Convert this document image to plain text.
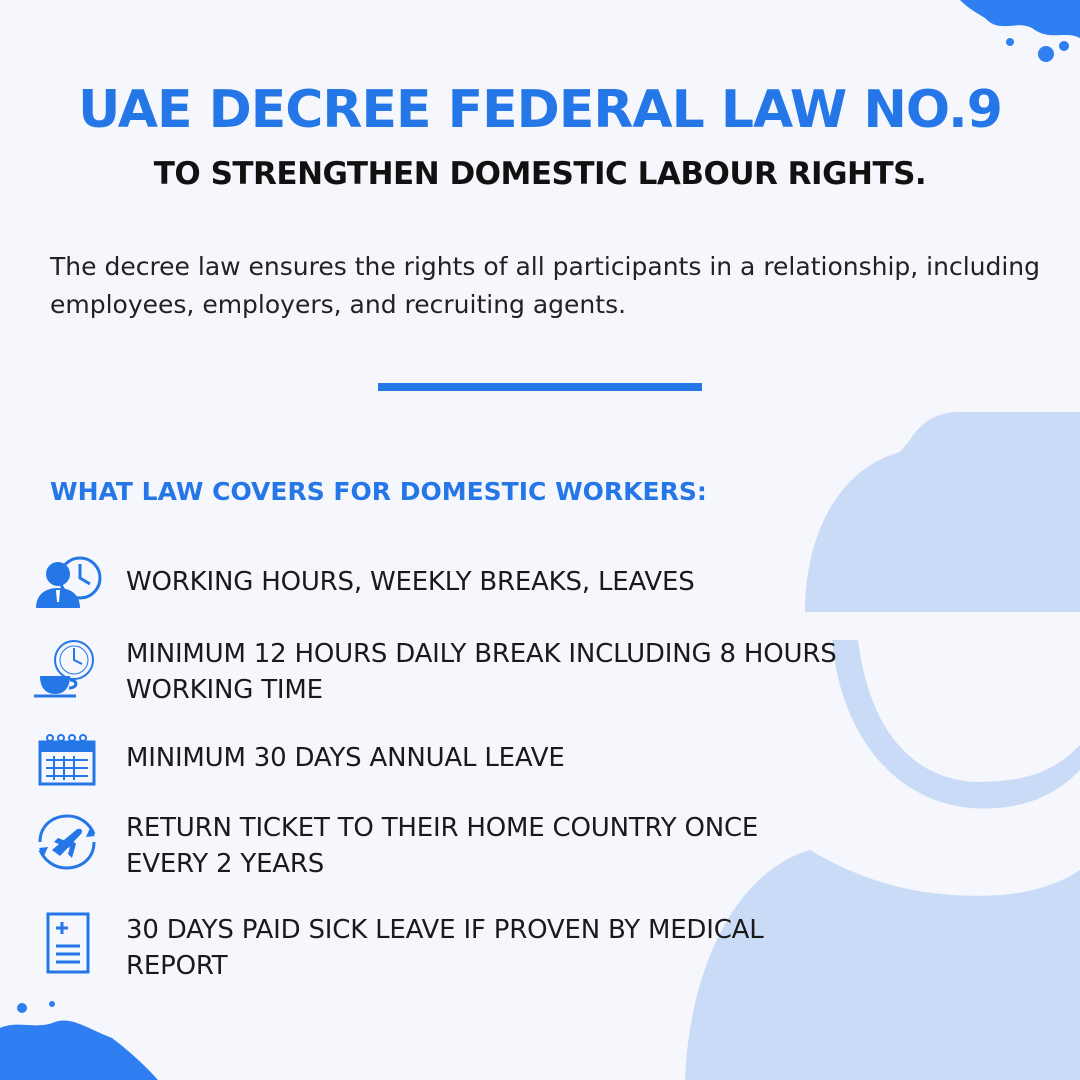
UAE DECREE FEDERAL LAW NO.9
TO STRENGTHEN DOMESTIC LABOUR RIGHTS.

The decree law ensures the rights of all participants in a relationship, including employees, employers, and recruiting agents.

WHAT LAW COVERS FOR DOMESTIC WORKERS:
WORKING HOURS, WEEKLY BREAKS, LEAVES
MINIMUM 12 HOURS DAILY BREAK INCLUDING 8 HOURS WORKING TIME
MINIMUM 30 DAYS ANNUAL LEAVE
RETURN TICKET TO THEIR HOME COUNTRY ONCE EVERY 2 YEARS
30 DAYS PAID SICK LEAVE IF PROVEN BY MEDICAL REPORT
